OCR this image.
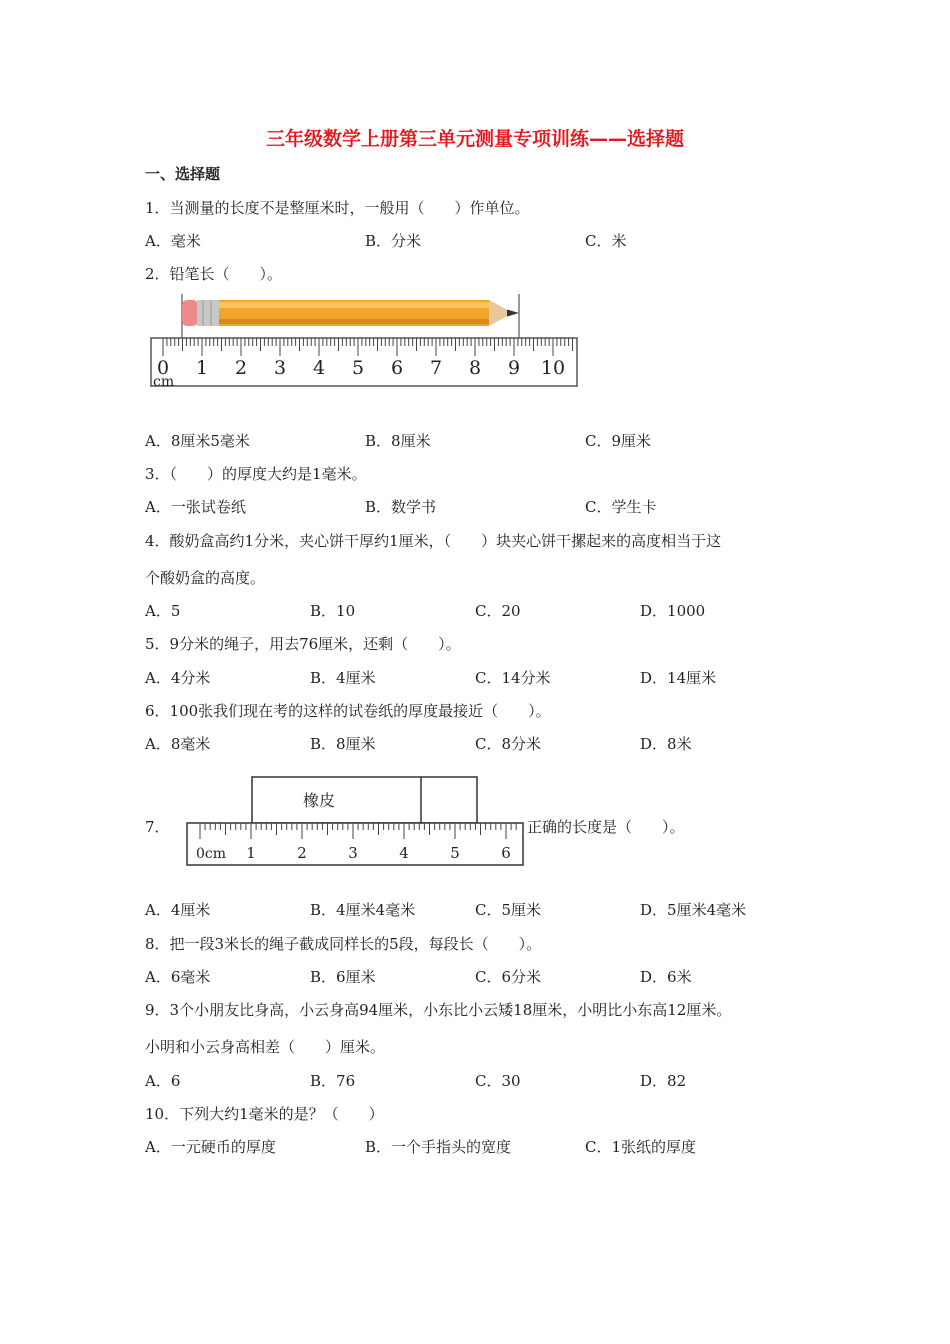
三年级数学上册第三单元测量专项训练——选择题
一、选择题
1．当测量的长度不是整厘米时，一般用（　　）作单位。
A．毫米	B．分米	C．米
2．铅笔长（　　）。
0 1 2 3 4 5 6 7 8 9 10
cm
A．8厘米5毫米	B．8厘米	C．9厘米
3．（　　）的厚度大约是1毫米。
A．一张试卷纸	B．数学书	C．学生卡
4．酸奶盒高约1分米，夹心饼干厚约1厘米，（　　）块夹心饼干摞起来的高度相当于这
个酸奶盒的高度。
A．5	B．10	C．20	D．1000
5．9分米的绳子，用去76厘米，还剩（　　）。
A．4分米	B．4厘米	C．14分米	D．14厘米
6．100张我们现在考的这样的试卷纸的厚度最接近（　　）。
A．8毫米	B．8厘米	C．8分米	D．8米
7．
橡皮
1	2	3	4	5	6
0cm
正确的长度是（　　）。
A．4厘米	B．4厘米4毫米	C．5厘米	D．5厘米4毫米
8．把一段3米长的绳子截成同样长的5段，每段长（　　）。
A．6毫米	B．6厘米	C．6分米	D．6米
9．3个小朋友比身高，小云身高94厘米，小东比小云矮18厘米，小明比小东高12厘米。
小明和小云身高相差（　　）厘米。
A．6	B．76	C．30	D．82
10．下列大约1毫米的是？（　　）
A．一元硬币的厚度	B．一个手指头的宽度	C．1张纸的厚度
